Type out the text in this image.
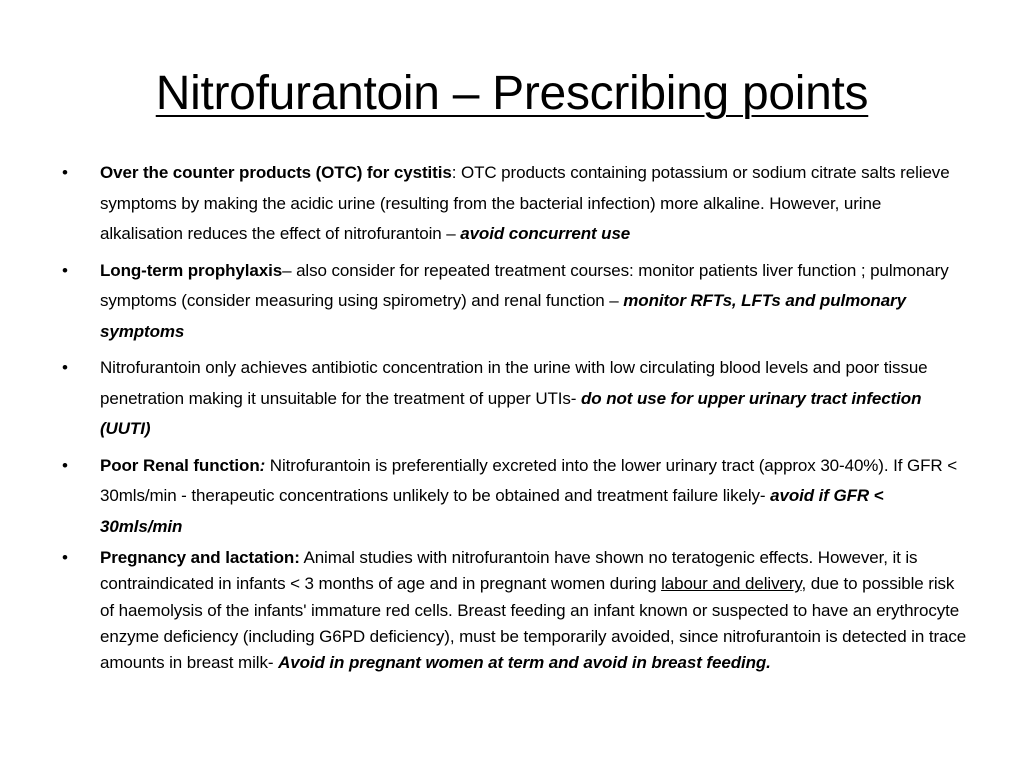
Nitrofurantoin – Prescribing points
•	Over the counter products (OTC) for cystitis: OTC products containing potassium or sodium citrate salts relieve symptoms by making the acidic urine (resulting from the bacterial infection) more alkaline. However, urine alkalisation reduces the effect of nitrofurantoin – avoid concurrent use
•	Long-term prophylaxis– also consider for repeated treatment courses: monitor patients liver function ; pulmonary symptoms (consider measuring using spirometry) and renal function – monitor RFTs, LFTs and pulmonary symptoms
•	Nitrofurantoin only achieves antibiotic concentration in the urine with low circulating blood levels and poor tissue penetration making it unsuitable for the treatment of upper UTIs- do not use for upper urinary tract infection (UUTI)
•	Poor Renal function: Nitrofurantoin is preferentially excreted into the lower urinary tract (approx 30-40%). If GFR < 30mls/min - therapeutic concentrations unlikely to be obtained and treatment failure likely- avoid if GFR < 30mls/min
•	Pregnancy and lactation: Animal studies with nitrofurantoin have shown no teratogenic effects. However, it is contraindicated in infants < 3 months of age and in pregnant women during labour and delivery, due to possible risk of haemolysis of the infants' immature red cells. Breast feeding an infant known or suspected to have an erythrocyte enzyme deficiency (including G6PD deficiency), must be temporarily avoided, since nitrofurantoin is detected in trace amounts in breast milk- Avoid in pregnant women at term and avoid in breast feeding.
